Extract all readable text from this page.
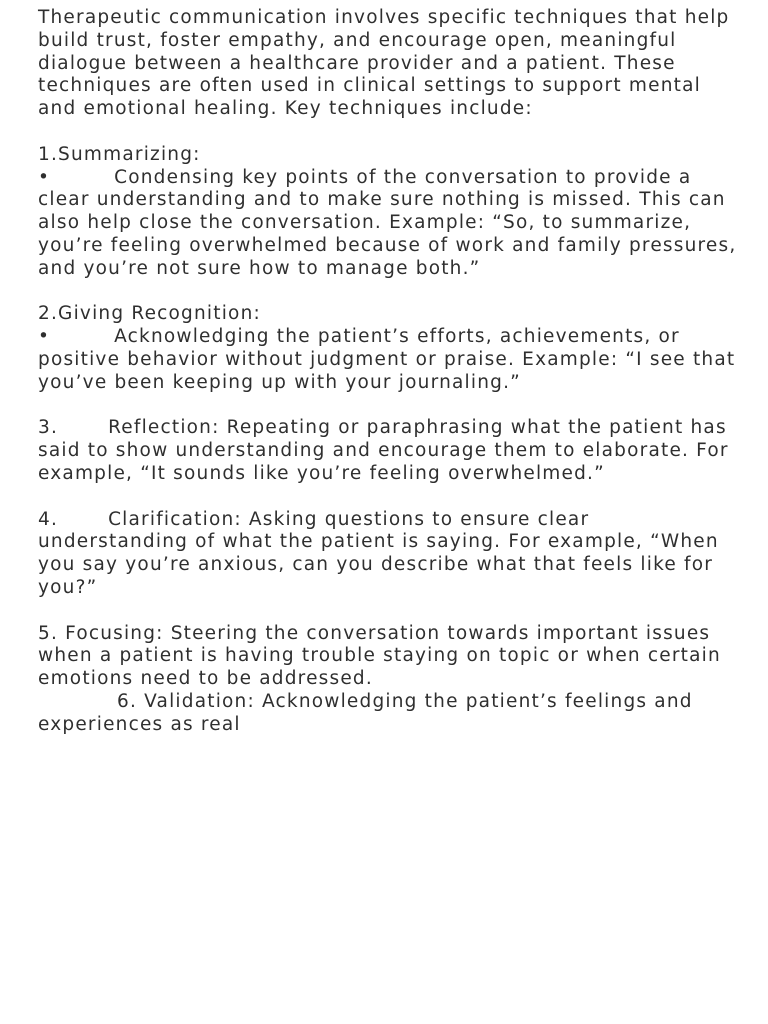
Therapeutic communication involves specific techniques that help build trust, foster empathy, and encourage open, meaningful dialogue between a healthcare provider and a patient. These techniques are often used in clinical settings to support mental and emotional healing. Key techniques include:

1.Summarizing:

•	Condensing key points of the conversation to provide a clear understanding and to make sure nothing is missed. This can also help close the conversation. Example: “So, to summarize, you’re feeling overwhelmed because of work and family pressures, and you’re not sure how to manage both.”

2.Giving Recognition:

•	Acknowledging the patient’s efforts, achievements, or positive behavior without judgment or praise. Example: “I see that you’ve been keeping up with your journaling.”

3.	Reflection: Repeating or paraphrasing what the patient has said to show understanding and encourage them to elaborate. For example, “It sounds like you’re feeling overwhelmed.”

4.	Clarification: Asking questions to ensure clear understanding of what the patient is saying. For example, “When you say you’re anxious, can you describe what that feels like for you?”

5. Focusing: Steering the conversation towards important issues when a patient is having trouble staying on topic or when certain emotions need to be addressed.

6. Validation: Acknowledging the patient’s feelings and experiences as real
